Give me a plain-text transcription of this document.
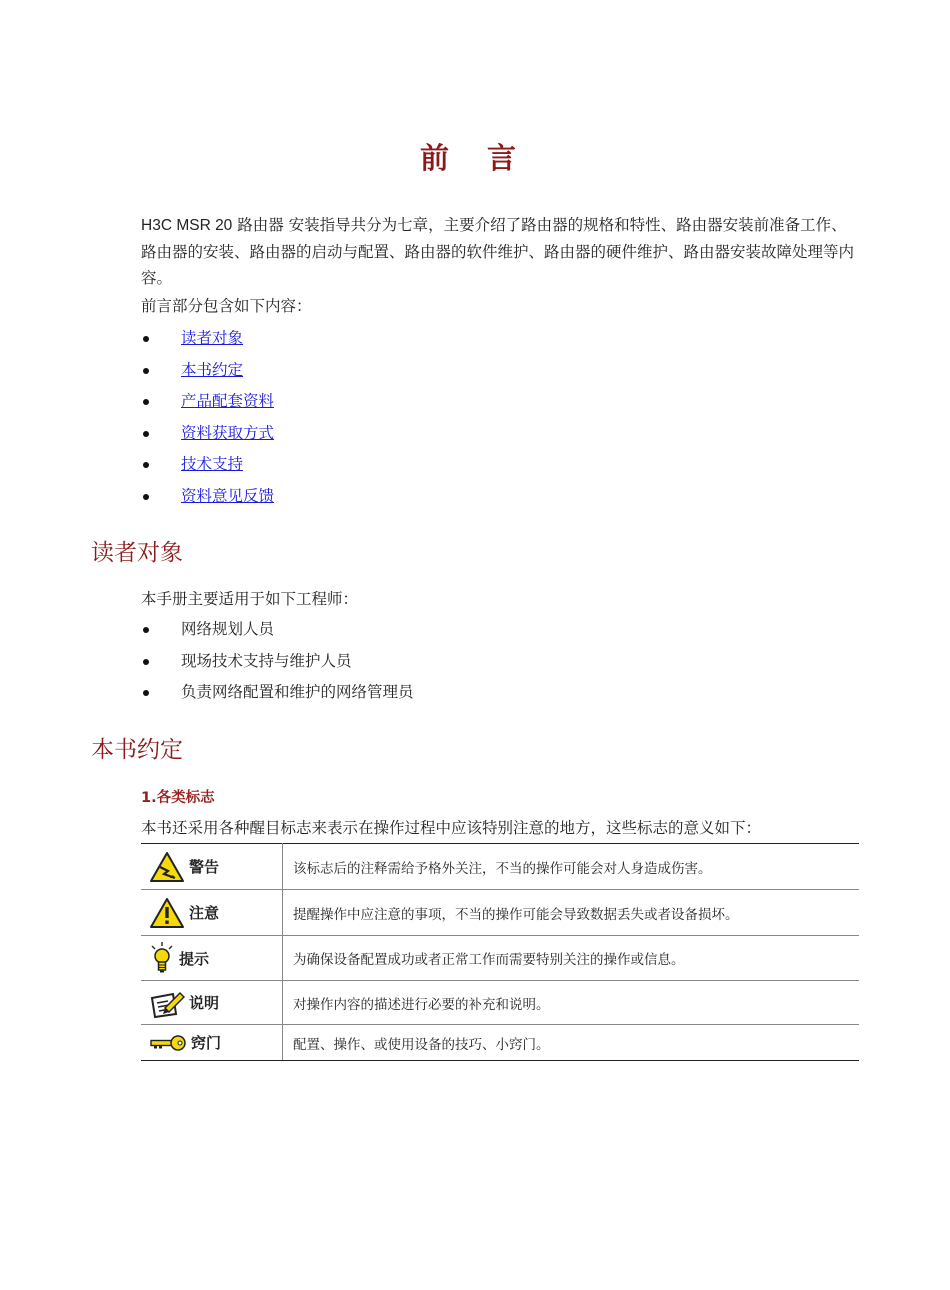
前 言
H3C MSR 20 路由器 安装指导共分为七章，主要介绍了路由器的规格和特性、路由器安装前准备工作、路由器的安装、路由器的启动与配置、路由器的软件维护、路由器的硬件维护、路由器安装故障处理等内容。
前言部分包含如下内容：
读者对象
本书约定
产品配套资料
资料获取方式
技术支持
资料意见反馈
读者对象
本手册主要适用于如下工程师：
网络规划人员
现场技术支持与维护人员
负责网络配置和维护的网络管理员
本书约定
1.各类标志
本书还采用各种醒目标志来表示在操作过程中应该特别注意的地方，这些标志的意义如下：
警告	该标志后的注释需给予格外关注，不当的操作可能会对人身造成伤害。

注意	提醒操作中应注意的事项，不当的操作可能会导致数据丢失或者设备损坏。

提示	为确保设备配置成功或者正常工作而需要特别关注的操作或信息。

说明	对操作内容的描述进行必要的补充和说明。

窍门	配置、操作、或使用设备的技巧、小窍门。
